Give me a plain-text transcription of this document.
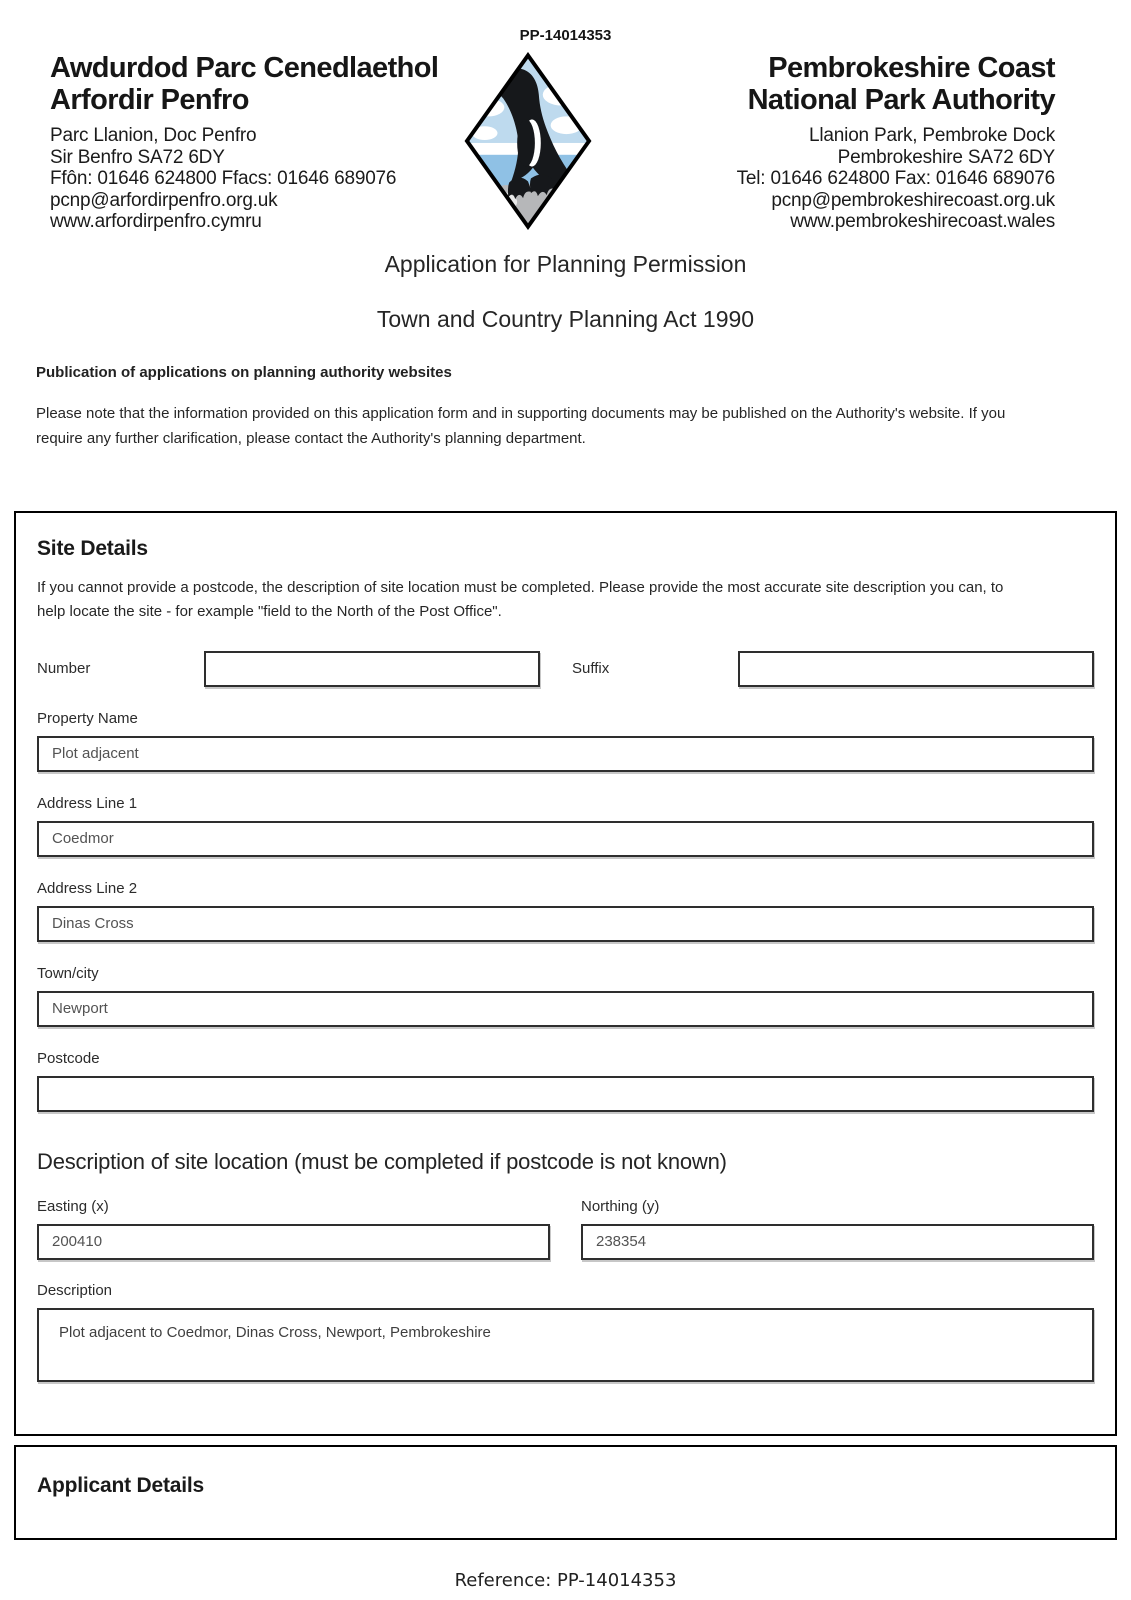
PP-14014353
Awdurdod Parc Cenedlaethol
Arfordir Penfro
Parc Llanion, Doc Penfro
Sir Benfro SA72 6DY
Ffôn: 01646 624800 Ffacs: 01646 689076
pcnp@arfordirpenfro.org.uk
www.arfordirpenfro.cymru
Pembrokeshire Coast
National Park Authority
Llanion Park, Pembroke Dock
Pembrokeshire SA72 6DY
Tel: 01646 624800 Fax: 01646 689076
pcnp@pembrokeshirecoast.org.uk
www.pembrokeshirecoast.wales
Application for Planning Permission
Town and Country Planning Act 1990
Publication of applications on planning authority websites
Please note that the information provided on this application form and in supporting documents may be published on the Authority's website. If you
require any further clarification, please contact the Authority's planning department.
Site Details
If you cannot provide a postcode, the description of site location must be completed. Please provide the most accurate site description you can, to
help locate the site - for example "field to the North of the Post Office".
Number	Suffix
Property Name
Plot adjacent
Address Line 1
Coedmor
Address Line 2
Dinas Cross
Town/city
Newport
Postcode
Description of site location (must be completed if postcode is not known)
Easting (x)
200410	Northing (y)
238354
Description
Plot adjacent to Coedmor, Dinas Cross, Newport, Pembrokeshire
Applicant Details
Reference: PP-14014353
